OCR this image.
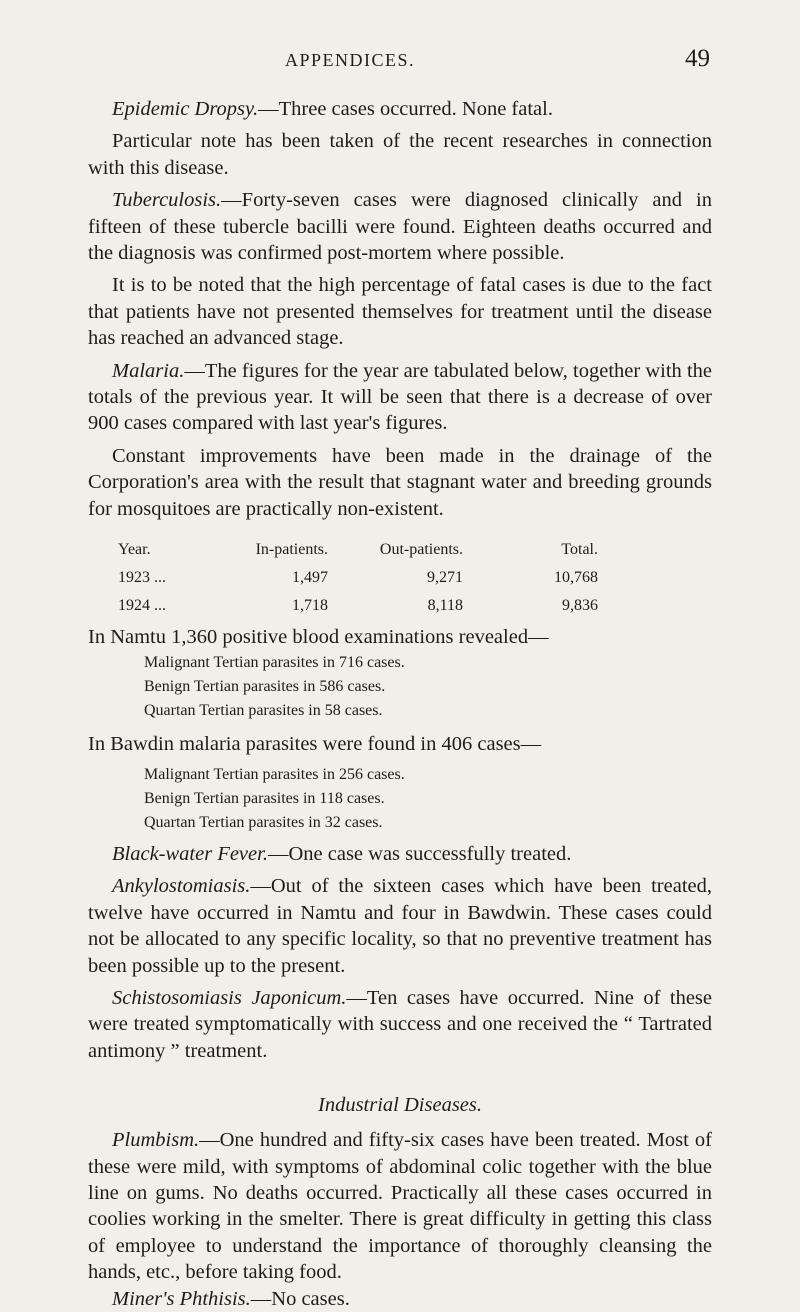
APPENDICES.	49

Epidemic Dropsy.—Three cases occurred. None fatal.

Particular note has been taken of the recent researches in connection with this disease.

Tuberculosis.—Forty-seven cases were diagnosed clinically and in fifteen of these tubercle bacilli were found. Eighteen deaths occurred and the diagnosis was confirmed post-mortem where possible.

It is to be noted that the high percentage of fatal cases is due to the fact that patients have not presented themselves for treatment until the disease has reached an advanced stage.

Malaria.—The figures for the year are tabulated below, together with the totals of the previous year. It will be seen that there is a decrease of over 900 cases compared with last year's figures.

Constant improvements have been made in the drainage of the Corporation's area with the result that stagnant water and breeding grounds for mosquitoes are practically non-existent.

Year.	In-patients.	Out-patients.	Total.
1923 ...	1,497	9,271	10,768
1924 ...	1,718	8,118	9,836

In Namtu 1,360 positive blood examinations revealed—

Malignant Tertian parasites in 716 cases.
Benign Tertian parasites in 586 cases.
Quartan Tertian parasites in 58 cases.

In Bawdin malaria parasites were found in 406 cases—

Malignant Tertian parasites in 256 cases.
Benign Tertian parasites in 118 cases.
Quartan Tertian parasites in 32 cases.

Black-water Fever.—One case was successfully treated.

Ankylostomiasis.—Out of the sixteen cases which have been treated, twelve have occurred in Namtu and four in Bawdwin. These cases could not be allocated to any specific locality, so that no preventive treatment has been possible up to the present.

Schistosomiasis Japonicum.—Ten cases have occurred. Nine of these were treated symptomatically with success and one received the “ Tartrated antimony ” treatment.

Industrial Diseases.

Plumbism.—One hundred and fifty-six cases have been treated. Most of these were mild, with symptoms of abdominal colic together with the blue line on gums. No deaths occurred. Practically all these cases occurred in coolies working in the smelter. There is great difficulty in getting this class of employee to understand the importance of thoroughly cleansing the hands, etc., before taking food.

Miner's Phthisis.—No cases.
